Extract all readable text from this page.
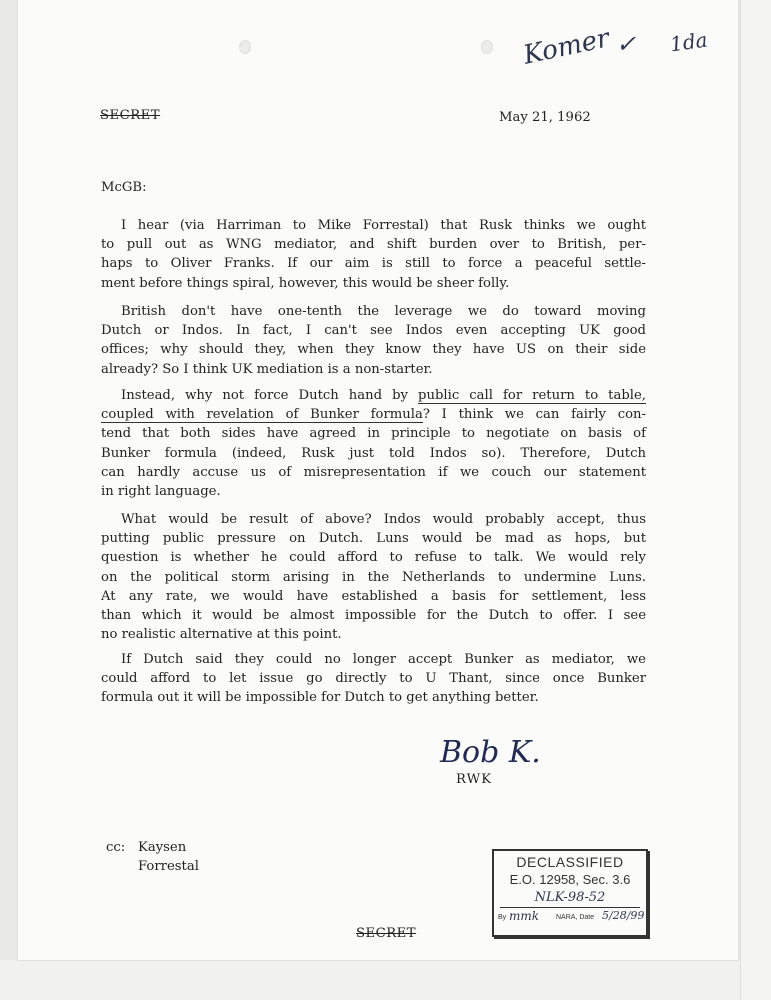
Komer ✓ 1da
SECRET	May 21, 1962
McGB:
I hear (via Harriman to Mike Forrestal) that Rusk thinks we ought
to pull out as WNG mediator, and shift burden over to British, per-
haps to Oliver Franks. If our aim is still to force a peaceful settle-
ment before things spiral, however, this would be sheer folly.
British don't have one-tenth the leverage we do toward moving
Dutch or Indos. In fact, I can't see Indos even accepting UK good
offices; why should they, when they know they have US on their side
already? So I think UK mediation is a non-starter.
Instead, why not force Dutch hand by public call for return to table,
coupled with revelation of Bunker formula? I think we can fairly con-
tend that both sides have agreed in principle to negotiate on basis of
Bunker formula (indeed, Rusk just told Indos so). Therefore, Dutch
can hardly accuse us of misrepresentation if we couch our statement
in right language.
What would be result of above? Indos would probably accept, thus
putting public pressure on Dutch. Luns would be mad as hops, but
question is whether he could afford to refuse to talk. We would rely
on the political storm arising in the Netherlands to undermine Luns.
At any rate, we would have established a basis for settlement, less
than which it would be almost impossible for the Dutch to offer. I see
no realistic alternative at this point.
If Dutch said they could no longer accept Bunker as mediator, we
could afford to let issue go directly to U Thant, since once Bunker
formula out it will be impossible for Dutch to get anything better.
Bob K.
RWK
cc: Kaysen
Forrestal
SECRET
DECLASSIFIED
E.O. 12958, Sec. 3.6
NLK-98-52
By mmk NARA, Date 5/28/99
